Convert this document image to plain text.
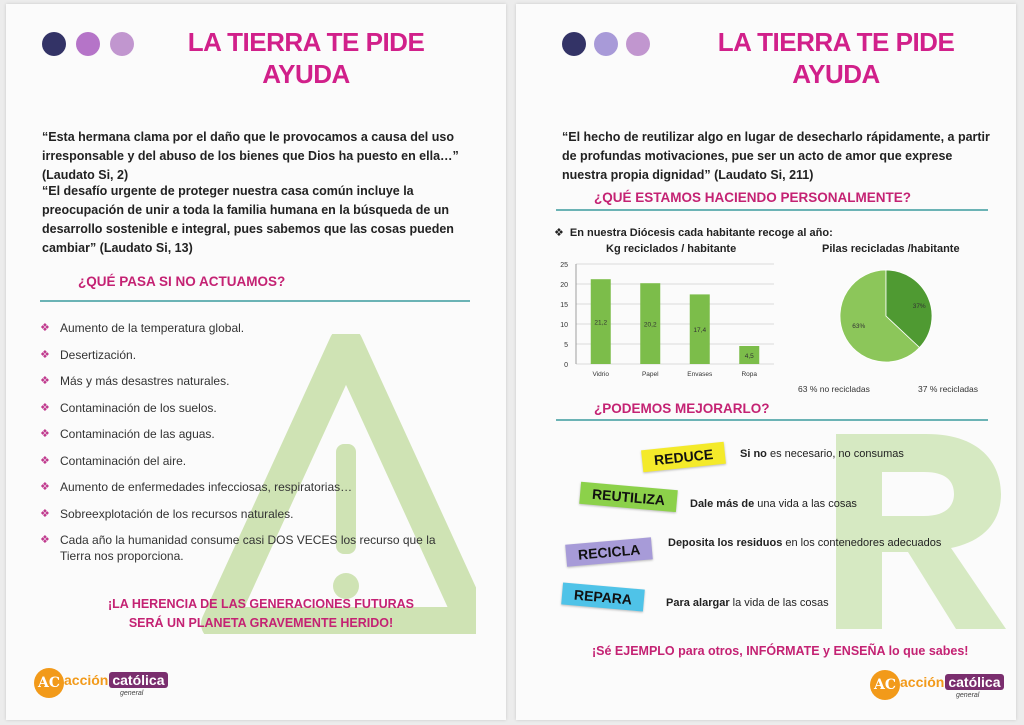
LA TIERRA TE PIDE
AYUDA

“Esta hermana clama por el daño que le provocamos a causa del uso irresponsable y del abuso de los bienes que Dios ha puesto en ella…” (Laudato Si, 2)

“El desafío urgente de proteger nuestra casa común incluye la preocupación de unir a toda la familia humana en la búsqueda de un desarrollo sostenible e integral, pues sabemos que las cosas pueden cambiar” (Laudato Si, 13)

¿QUÉ PASA SI NO ACTUAMOS?
❖ Aumento de la temperatura global.
❖ Desertización.
❖ Más y más desastres naturales.
❖ Contaminación de los suelos.
❖ Contaminación de las aguas.
❖ Contaminación del aire.
❖ Aumento de enfermedades infecciosas, respiratorias…
❖ Sobreexplotación de los recursos naturales.
❖ Cada año la humanidad consume casi DOS VECES los recurso que la Tierra nos proporciona.
¡LA HERENCIA DE LAS GENERACIONES FUTURAS
SERÁ UN PLANETA GRAVEMENTE HERIDO!
AC acción católica
general
LA TIERRA TE PIDE
AYUDA

“El hecho de reutilizar algo en lugar de desecharlo rápidamente, a partir de profundas motivaciones, pue ser un acto de amor que exprese nuestra propia dignidad” (Laudato Si, 211)

¿QUÉ ESTAMOS HACIENDO PERSONALMENTE?

❖ En nuestra Diócesis cada habitante recoge al año:

Kg reciclados / habitante	Pilas recicladas /habitante

0
5
10
15
20
25
21,2
Vidrio
20,2
Papel
17,4
Envases
4,5
Ropa
63%
37%

63 % no recicladas	37 % recicladas

¿PODEMOS MEJORARLO?
REDUCE	Si no es necesario, no consumas

REUTILIZA	Dale más de una vida a las cosas

RECICLA	Deposita los residuos en los contenedores adecuados

REPARA	Para alargar la vida de las cosas

¡Sé EJEMPLO para otros, INFÓRMATE y ENSEÑA lo que sabes!

AC acción católica
general
